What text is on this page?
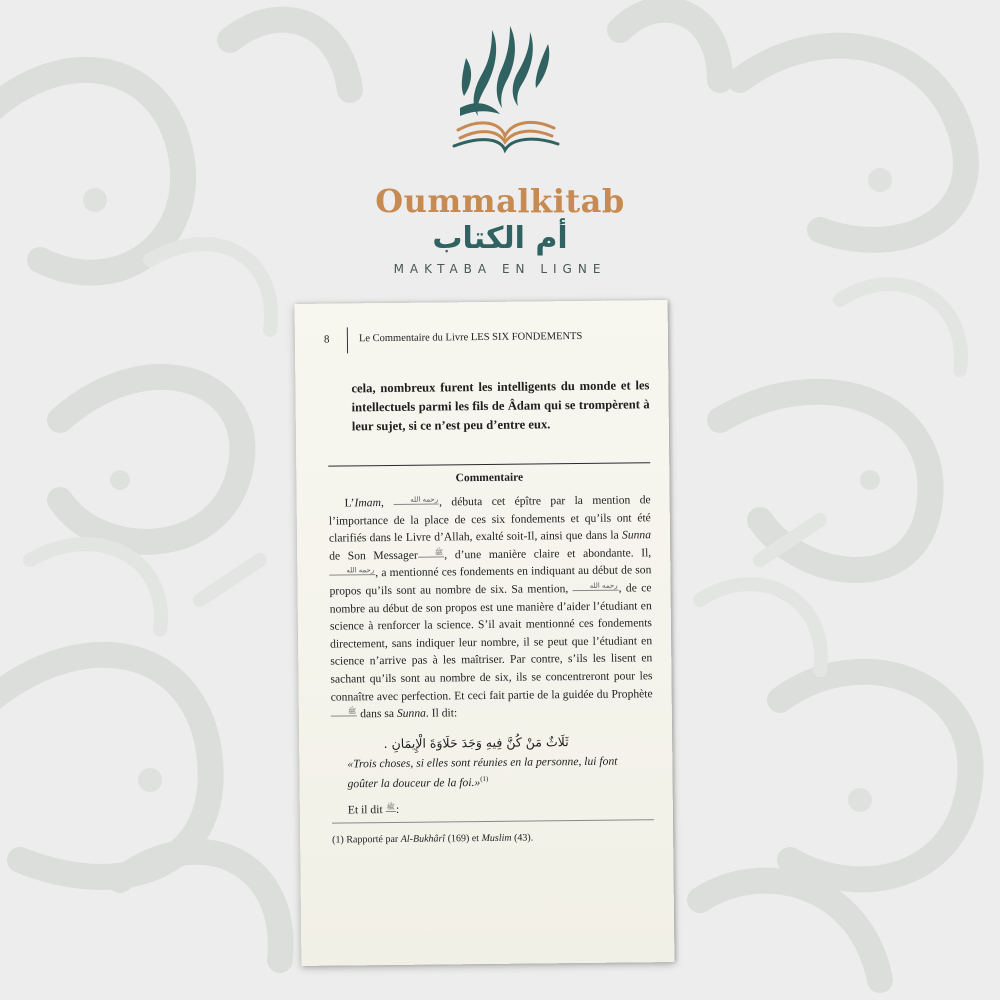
Oummalkitab
أم الكتاب
MAKTABA EN LIGNE
8	Le Commentaire du Livre LES SIX FONDEMENTS
cela, nombreux furent les intelligents du monde et les intellectuels parmi les fils de Âdam qui se trompèrent à leur sujet, si ce n’est peu d’entre eux.
Commentaire

L’Imam, رحمه الله, débuta cet épître par la mention de l’importance de la place de ces six fondements et qu’ils ont été clarifiés dans le Livre d’Allah, exalté soit-Il, ainsi que dans la Sunna de Son Messager ﷺ, d’une manière claire et abondante. Il, رحمه الله, a mentionné ces fondements en indiquant au début de son propos qu’ils sont au nombre de six. Sa mention, رحمه الله, de ce nombre au début de son propos est une manière d’aider l’étudiant en science à renforcer la science. S’il avait mentionné ces fondements directement, sans indiquer leur nombre, il se peut que l’étudiant en science n’arrive pas à les maîtriser. Par contre, s’ils les lisent en sachant qu’ils sont au nombre de six, ils se concentreront pour les connaître avec perfection. Et ceci fait partie de la guidée du Prophèteﷺ dans sa Sunna. Il dit:

ثَلَاثٌ مَنْ كُنَّ فِيهِ وَجَدَ حَلَاوَةَ الْإِيمَانِ .
«Trois choses, si elles sont réunies en la personne, lui font goûter la douceur de la foi.»$^{(1)}$
Et il dit ﷺ:
(1) Rapporté par Al-Bukhârî (169) et Muslim (43).
